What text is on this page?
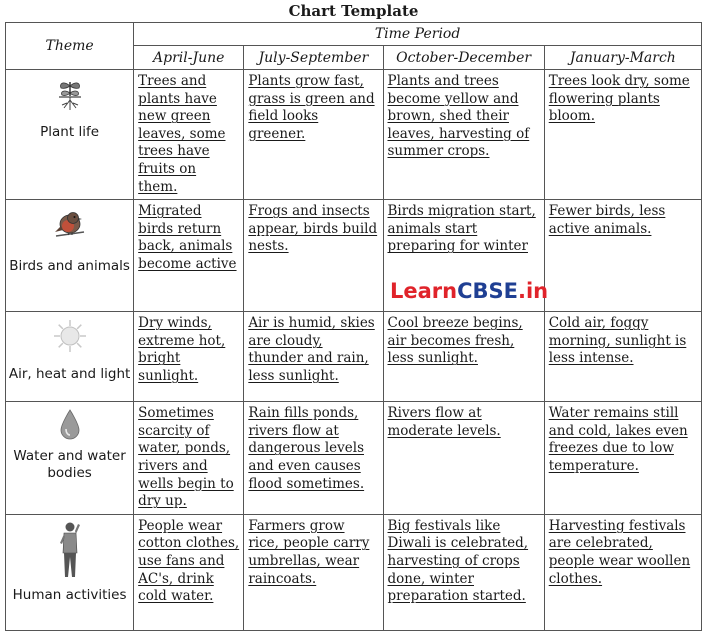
Chart Template
Theme	Time Period			
	April-June	July-September	October-December	January-March

Plant life	Trees and plants have new green leaves, some trees have fruits on them.	Plants grow fast, grass is green and field looks greener.	Plants and trees become yellow and brown, shed their leaves, harvesting of summer crops.	Trees look dry, some flowering plants bloom.

Birds and animals	Migrated birds return back, animals become active	Frogs and insects appear, birds build nests.	Birds migration start, animals start preparing for winter	Fewer birds, less active animals.

Air, heat and light	Dry winds, extreme hot, bright sunlight.	Air is humid, skies are cloudy, thunder and rain, less sunlight.	Cool breeze begins, air becomes fresh, less sunlight.	Cold air, foggy morning, sunlight is less intense.

Water and water bodies	Sometimes scarcity of water, ponds, rivers and wells begin to dry up.	Rain fills ponds, rivers flow at dangerous levels and even causes flood sometimes.	Rivers flow at moderate levels.	Water remains still and cold, lakes even freezes due to low temperature.

Human activities	People wear cotton clothes, use fans and AC's, drink cold water.	Farmers grow rice, people carry umbrellas, wear raincoats.	Big festivals like Diwali is celebrated, harvesting of crops done, winter preparation started.	Harvesting festivals are celebrated, people wear woollen clothes.
LearnCBSE.in
